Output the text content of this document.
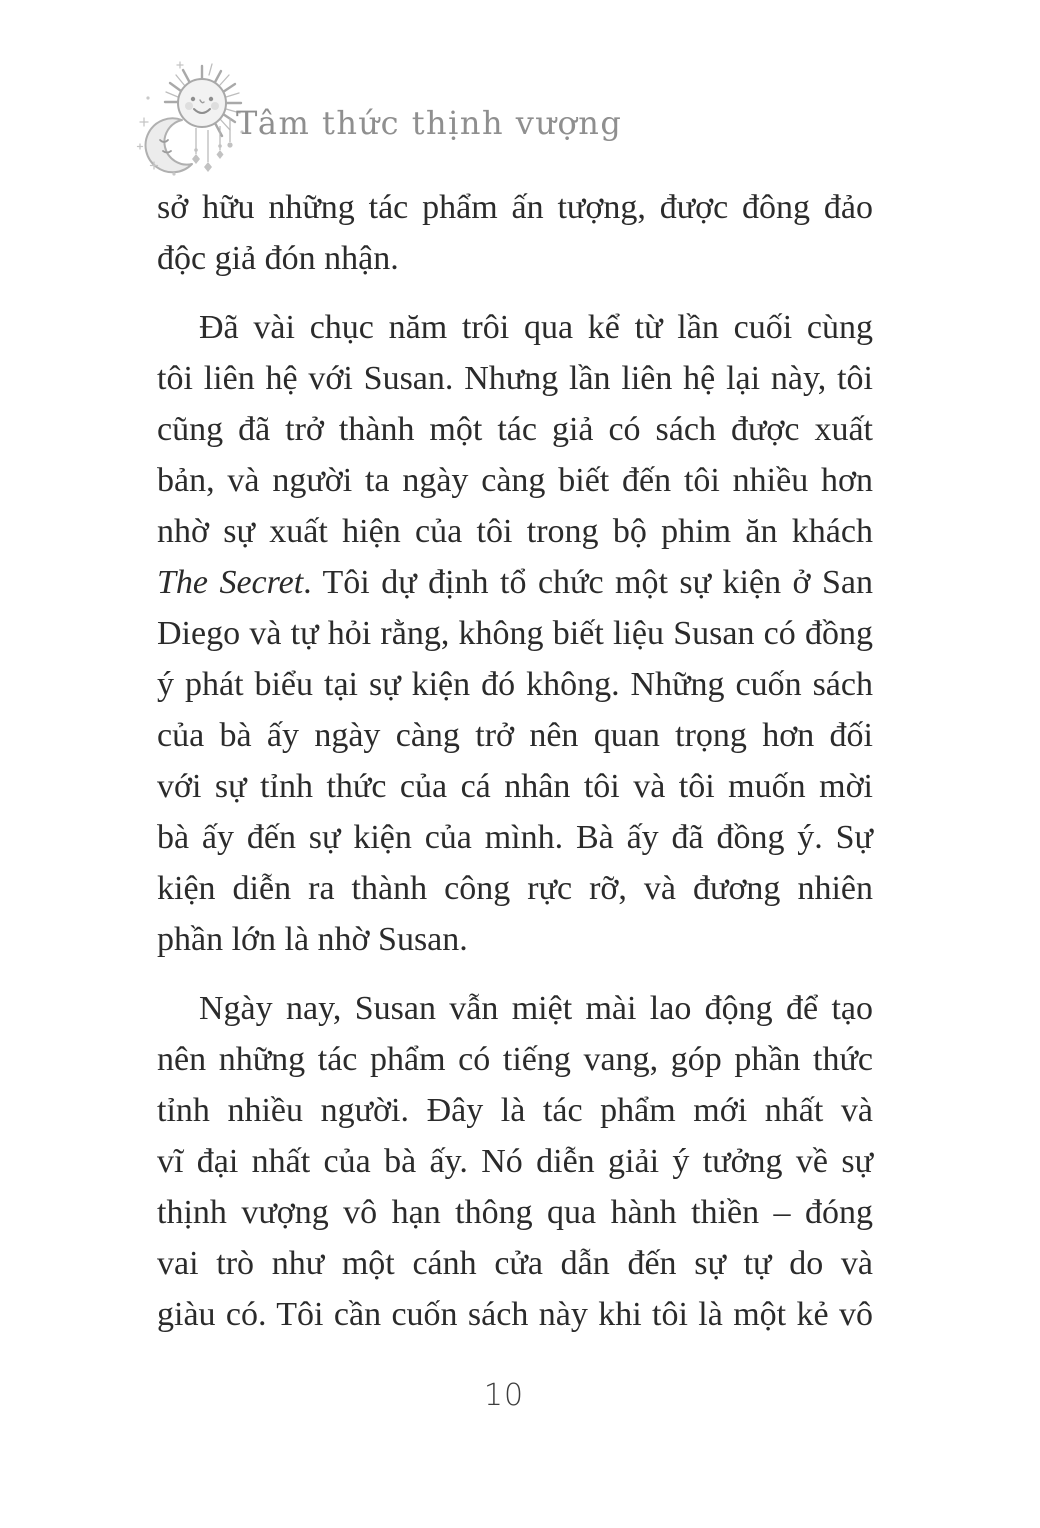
Tâm thức thịnh vượng
sở hữu những tác phẩm ấn tượng, được đông đảo
độc giả đón nhận.
Đã vài chục năm trôi qua kể từ lần cuối cùng
tôi liên hệ với Susan. Nhưng lần liên hệ lại này, tôi
cũng đã trở thành một tác giả có sách được xuất
bản, và người ta ngày càng biết đến tôi nhiều hơn
nhờ sự xuất hiện của tôi trong bộ phim ăn khách
The Secret. Tôi dự định tổ chức một sự kiện ở San
Diego và tự hỏi rằng, không biết liệu Susan có đồng
ý phát biểu tại sự kiện đó không. Những cuốn sách
của bà ấy ngày càng trở nên quan trọng hơn đối
với sự tỉnh thức của cá nhân tôi và tôi muốn mời
bà ấy đến sự kiện của mình. Bà ấy đã đồng ý. Sự
kiện diễn ra thành công rực rỡ, và đương nhiên
phần lớn là nhờ Susan.
Ngày nay, Susan vẫn miệt mài lao động để tạo
nên những tác phẩm có tiếng vang, góp phần thức
tỉnh nhiều người. Đây là tác phẩm mới nhất và
vĩ đại nhất của bà ấy. Nó diễn giải ý tưởng về sự
thịnh vượng vô hạn thông qua hành thiền – đóng
vai trò như một cánh cửa dẫn đến sự tự do và
giàu có. Tôi cần cuốn sách này khi tôi là một kẻ vô
10
